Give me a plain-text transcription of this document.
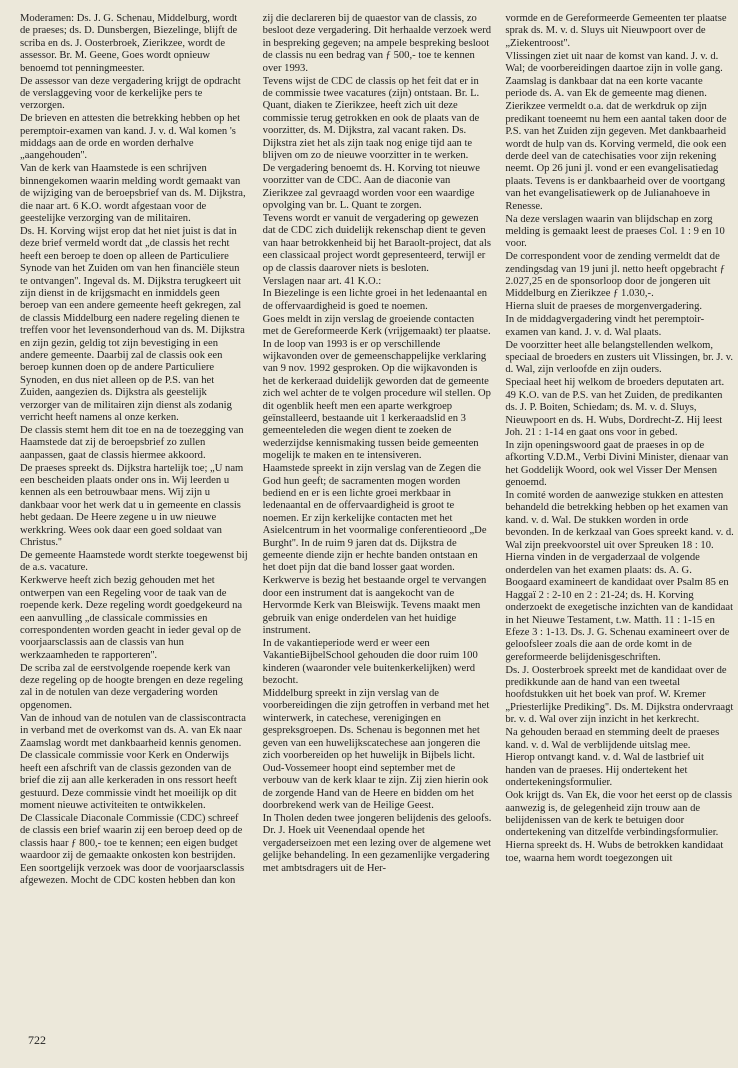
Moderamen: Ds. J. G. Schenau, Middelburg, wordt de praeses; ds. D. Dunsbergen, Biezelinge, blijft de scriba en ds. J. Oosterbroek, Zierikzee, wordt de assessor. Br. M. Geene, Goes wordt opnieuw benoemd tot penningmeester.

De assessor van deze vergadering krijgt de opdracht de verslaggeving voor de kerkelijke pers te verzorgen.

De brieven en attesten die betrekking hebben op het peremptoir-examen van kand. J. v. d. Wal komen 's middags aan de orde en worden derhalve „aangehouden''.

Van de kerk van Haamstede is een schrijven binnengekomen waarin melding wordt gemaakt van de wijziging van de beroepsbrief van ds. M. Dijkstra, die naar art. 6 K.O. wordt afgestaan voor de geestelijke verzorging van de militairen.

Ds. H. Korving wijst erop dat het niet juist is dat in deze brief vermeld wordt dat „de classis het recht heeft een beroep te doen op alleen de Particuliere Synode van het Zuiden om van hen financiële steun te ontvangen''. Ingeval ds. M. Dijkstra terugkeert uit zijn dienst in de krijgsmacht en inmiddels geen beroep van een andere gemeente heeft gekregen, zal de classis Middelburg een nadere regeling dienen te treffen voor het levensonderhoud van ds. M. Dijkstra en zijn gezin, geldig tot zijn bevestiging in een andere gemeente. Daarbij zal de classis ook een beroep kunnen doen op de andere Particuliere Synoden, en dus niet alleen op de P.S. van het Zuiden, aangezien ds. Dijkstra als geestelijk verzorger van de militairen zijn dienst als zodanig verricht heeft namens al onze kerken.

De classis stemt hem dit toe en na de toezegging van Haamstede dat zij de beroepsbrief zo zullen aanpassen, gaat de classis hiermee akkoord.

De praeses spreekt ds. Dijkstra hartelijk toe; „U nam een bescheiden plaats onder ons in. Wij leerden u kennen als een betrouwbaar mens. Wij zijn u dankbaar voor het werk dat u in gemeente en classis hebt gedaan. De Heere zegene u in uw nieuwe werkkring. Wees ook daar een goed soldaat van Christus.''

De gemeente Haamstede wordt sterkte toegewenst bij de a.s. vacature.

Kerkwerve heeft zich bezig gehouden met het ontwerpen van een Regeling voor de taak van de roepende kerk. Deze regeling wordt goedgekeurd na een aanvulling „de classicale commissies en correspondenten worden geacht in ieder geval op de voorjaarsclassis aan de classis van hun werkzaamheden te rapporteren''.

De scriba zal de eerstvolgende roepende kerk van deze regeling op de hoogte brengen en deze regeling zal in de notulen van deze vergadering worden opgenomen.

Van de inhoud van de notulen van de classiscontracta in verband met de overkomst van ds. A. van Ek naar Zaamslag wordt met dankbaarheid kennis genomen.

De classicale commissie voor Kerk en Onderwijs heeft een afschrift van de classis gezonden van de brief die zij aan alle kerkeraden in ons ressort heeft gestuurd. Deze commissie vindt het moeilijk op dit moment nieuwe activiteiten te ontwikkelen.

De Classicale Diaconale Commissie (CDC) schreef de classis een brief waarin zij een beroep deed op de classis haar ƒ 800,- toe te kennen; een eigen budget waardoor zij de gemaakte onkosten kon bestrijden. Een soortgelijk verzoek was door de voorjaarsclassis afgewezen. Mocht de CDC kosten hebben dan kon

zij die declareren bij de quaestor van de classis, zo besloot deze vergadering. Dit herhaalde verzoek werd in bespreking gegeven; na ampele bespreking besloot de classis nu een bedrag van ƒ 500,- toe te kennen over 1993.

Tevens wijst de CDC de classis op het feit dat er in de commissie twee vacatures (zijn) ontstaan. Br. L. Quant, diaken te Zierikzee, heeft zich uit deze commissie terug getrokken en ook de plaats van de voorzitter, ds. M. Dijkstra, zal vacant raken. Ds. Dijkstra ziet het als zijn taak nog enige tijd aan te blijven om zo de nieuwe voorzitter in te werken.

De vergadering benoemt ds. H. Korving tot nieuwe voorzitter van de CDC. Aan de diaconie van Zierikzee zal gevraagd worden voor een waardige opvolging van br. L. Quant te zorgen.

Tevens wordt er vanuit de vergadering op gewezen dat de CDC zich duidelijk rekenschap dient te geven van haar betrokkenheid bij het Baraolt-project, dat als een classicaal project wordt gepresenteerd, terwijl er op de classis daarover niets is besloten.

Verslagen naar art. 41 K.O.:

In Biezelinge is een lichte groei in het ledenaantal en de offervaardigheid is goed te noemen.

Goes meldt in zijn verslag de groeiende contacten met de Gereformeerde Kerk (vrijgemaakt) ter plaatse. In de loop van 1993 is er op verschillende wijkavonden over de gemeenschappelijke verklaring van 9 nov. 1992 gesproken. Op die wijkavonden is het de kerkeraad duidelijk geworden dat de gemeente zich wel achter de te volgen procedure wil stellen. Op dit ogenblik heeft men een aparte werkgroep geïnstalleerd, bestaande uit 1 kerkeraadslid en 3 gemeenteleden die wegen dient te zoeken de wederzijdse kennismaking tussen beide gemeenten mogelijk te maken en te intensiveren.

Haamstede spreekt in zijn verslag van de Zegen die God hun geeft; de sacramenten mogen worden bediend en er is een lichte groei merkbaar in ledenaantal en de offervaardigheid is groot te noemen. Er zijn kerkelijke contacten met het Asielcentrum in het voormalige conferentieoord „De Burght''. In de ruim 9 jaren dat ds. Dijkstra de gemeente diende zijn er hechte banden ontstaan en het doet pijn dat die band losser gaat worden.

Kerkwerve is bezig het bestaande orgel te vervangen door een instrument dat is aangekocht van de Hervormde Kerk van Bleiswijk. Tevens maakt men gebruik van enige onderdelen van het huidige instrument.

In de vakantieperiode werd er weer een VakantieBijbelSchool gehouden die door ruim 100 kinderen (waaronder vele buitenkerkelijken) werd bezocht.

Middelburg spreekt in zijn verslag van de voorbereidingen die zijn getroffen in verband met het winterwerk, in catechese, verenigingen en gespreksgroepen. Ds. Schenau is begonnen met het geven van een huwelijkscatechese aan jongeren die zich voorbereiden op het huwelijk in Bijbels licht.

Oud-Vossemeer hoopt eind september met de verbouw van de kerk klaar te zijn. Zij zien hierin ook de zorgende Hand van de Heere en bidden om het doorbrekend werk van de Heilige Geest.

In Tholen deden twee jongeren belijdenis des geloofs. Dr. J. Hoek uit Veenendaal opende het vergaderseizoen met een lezing over de algemene wet gelijke behandeling. In een gezamenlijke vergadering met ambtsdragers uit de Her-

vormde en de Gereformeerde Gemeenten ter plaatse sprak ds. M. v. d. Sluys uit Nieuwpoort over de „Ziekentroost''.

Vlissingen ziet uit naar de komst van kand. J. v. d. Wal; de voorbereidingen daartoe zijn in volle gang.

Zaamslag is dankbaar dat na een korte vacante periode ds. A. van Ek de gemeente mag dienen.

Zierikzee vermeldt o.a. dat de werkdruk op zijn predikant toeneemt nu hem een aantal taken door de P.S. van het Zuiden zijn gegeven. Met dankbaarheid wordt de hulp van ds. Korving vermeld, die ook een derde deel van de catechisaties voor zijn rekening neemt. Op 26 juni jl. vond er een evangelisatiedag plaats. Tevens is er dankbaarheid over de voortgang van het evangelisatiewerk op de Julianahoeve in Renesse.

Na deze verslagen waarin van blijdschap en zorg melding is gemaakt leest de praeses Col. 1 : 9 en 10 voor.

De correspondent voor de zending vermeldt dat de zendingsdag van 19 juni jl. netto heeft opgebracht ƒ 2.027,25 en de sponsorloop door de jongeren uit Middelburg en Zierikzee ƒ 1.030,-.

Hierna sluit de praeses de morgenvergadering.

In de middagvergadering vindt het peremptoir-examen van kand. J. v. d. Wal plaats.

De voorzitter heet alle belangstellenden welkom, speciaal de broeders en zusters uit Vlissingen, br. J. v. d. Wal, zijn verloofde en zijn ouders.

Speciaal heet hij welkom de broeders deputaten art. 49 K.O. van de P.S. van het Zuiden, de predikanten ds. J. P. Boiten, Schiedam; ds. M. v. d. Sluys, Nieuwpoort en ds. H. Wubs, Dordrecht-Z. Hij leest Joh. 21 : 1-14 en gaat ons voor in gebed.

In zijn openingswoord gaat de praeses in op de afkorting V.D.M., Verbi Divini Minister, dienaar van het Goddelijk Woord, ook wel Visser Der Mensen genoemd.

In comité worden de aanwezige stukken en attesten behandeld die betrekking hebben op het examen van kand. v. d. Wal. De stukken worden in orde bevonden. In de kerkzaal van Goes spreekt kand. v. d. Wal zijn preekvoorstel uit over Spreuken 18 : 10.

Hierna vinden in de vergaderzaal de volgende onderdelen van het examen plaats: ds. A. G. Boogaard examineert de kandidaat over Psalm 85 en Haggaï 2 : 2-10 en 2 : 21-24; ds. H. Korving onderzoekt de exegetische inzichten van de kandidaat in het Nieuwe Testament, t.w. Matth. 11 : 1-15 en Efeze 3 : 1-13. Ds. J. G. Schenau examineert over de geloofsleer zoals die aan de orde komt in de gereformeerde belijdenisgeschriften.

Ds. J. Oosterbroek spreekt met de kandidaat over de predikkunde aan de hand van een tweetal hoofdstukken uit het boek van prof. W. Kremer „Priesterlijke Prediking''. Ds. M. Dijkstra ondervraagt br. v. d. Wal over zijn inzicht in het kerkrecht.

Na gehouden beraad en stemming deelt de praeses kand. v. d. Wal de verblijdende uitslag mee.

Hierop ontvangt kand. v. d. Wal de lastbrief uit handen van de praeses. Hij ondertekent het ondertekeningsformulier.

Ook krijgt ds. Van Ek, die voor het eerst op de classis aanwezig is, de gelegenheid zijn trouw aan de belijdenissen van de kerk te betuigen door ondertekening van ditzelfde verbindingsformulier.

Hierna spreekt ds. H. Wubs de betrokken kandidaat toe, waarna hem wordt toegezongen uit

722
